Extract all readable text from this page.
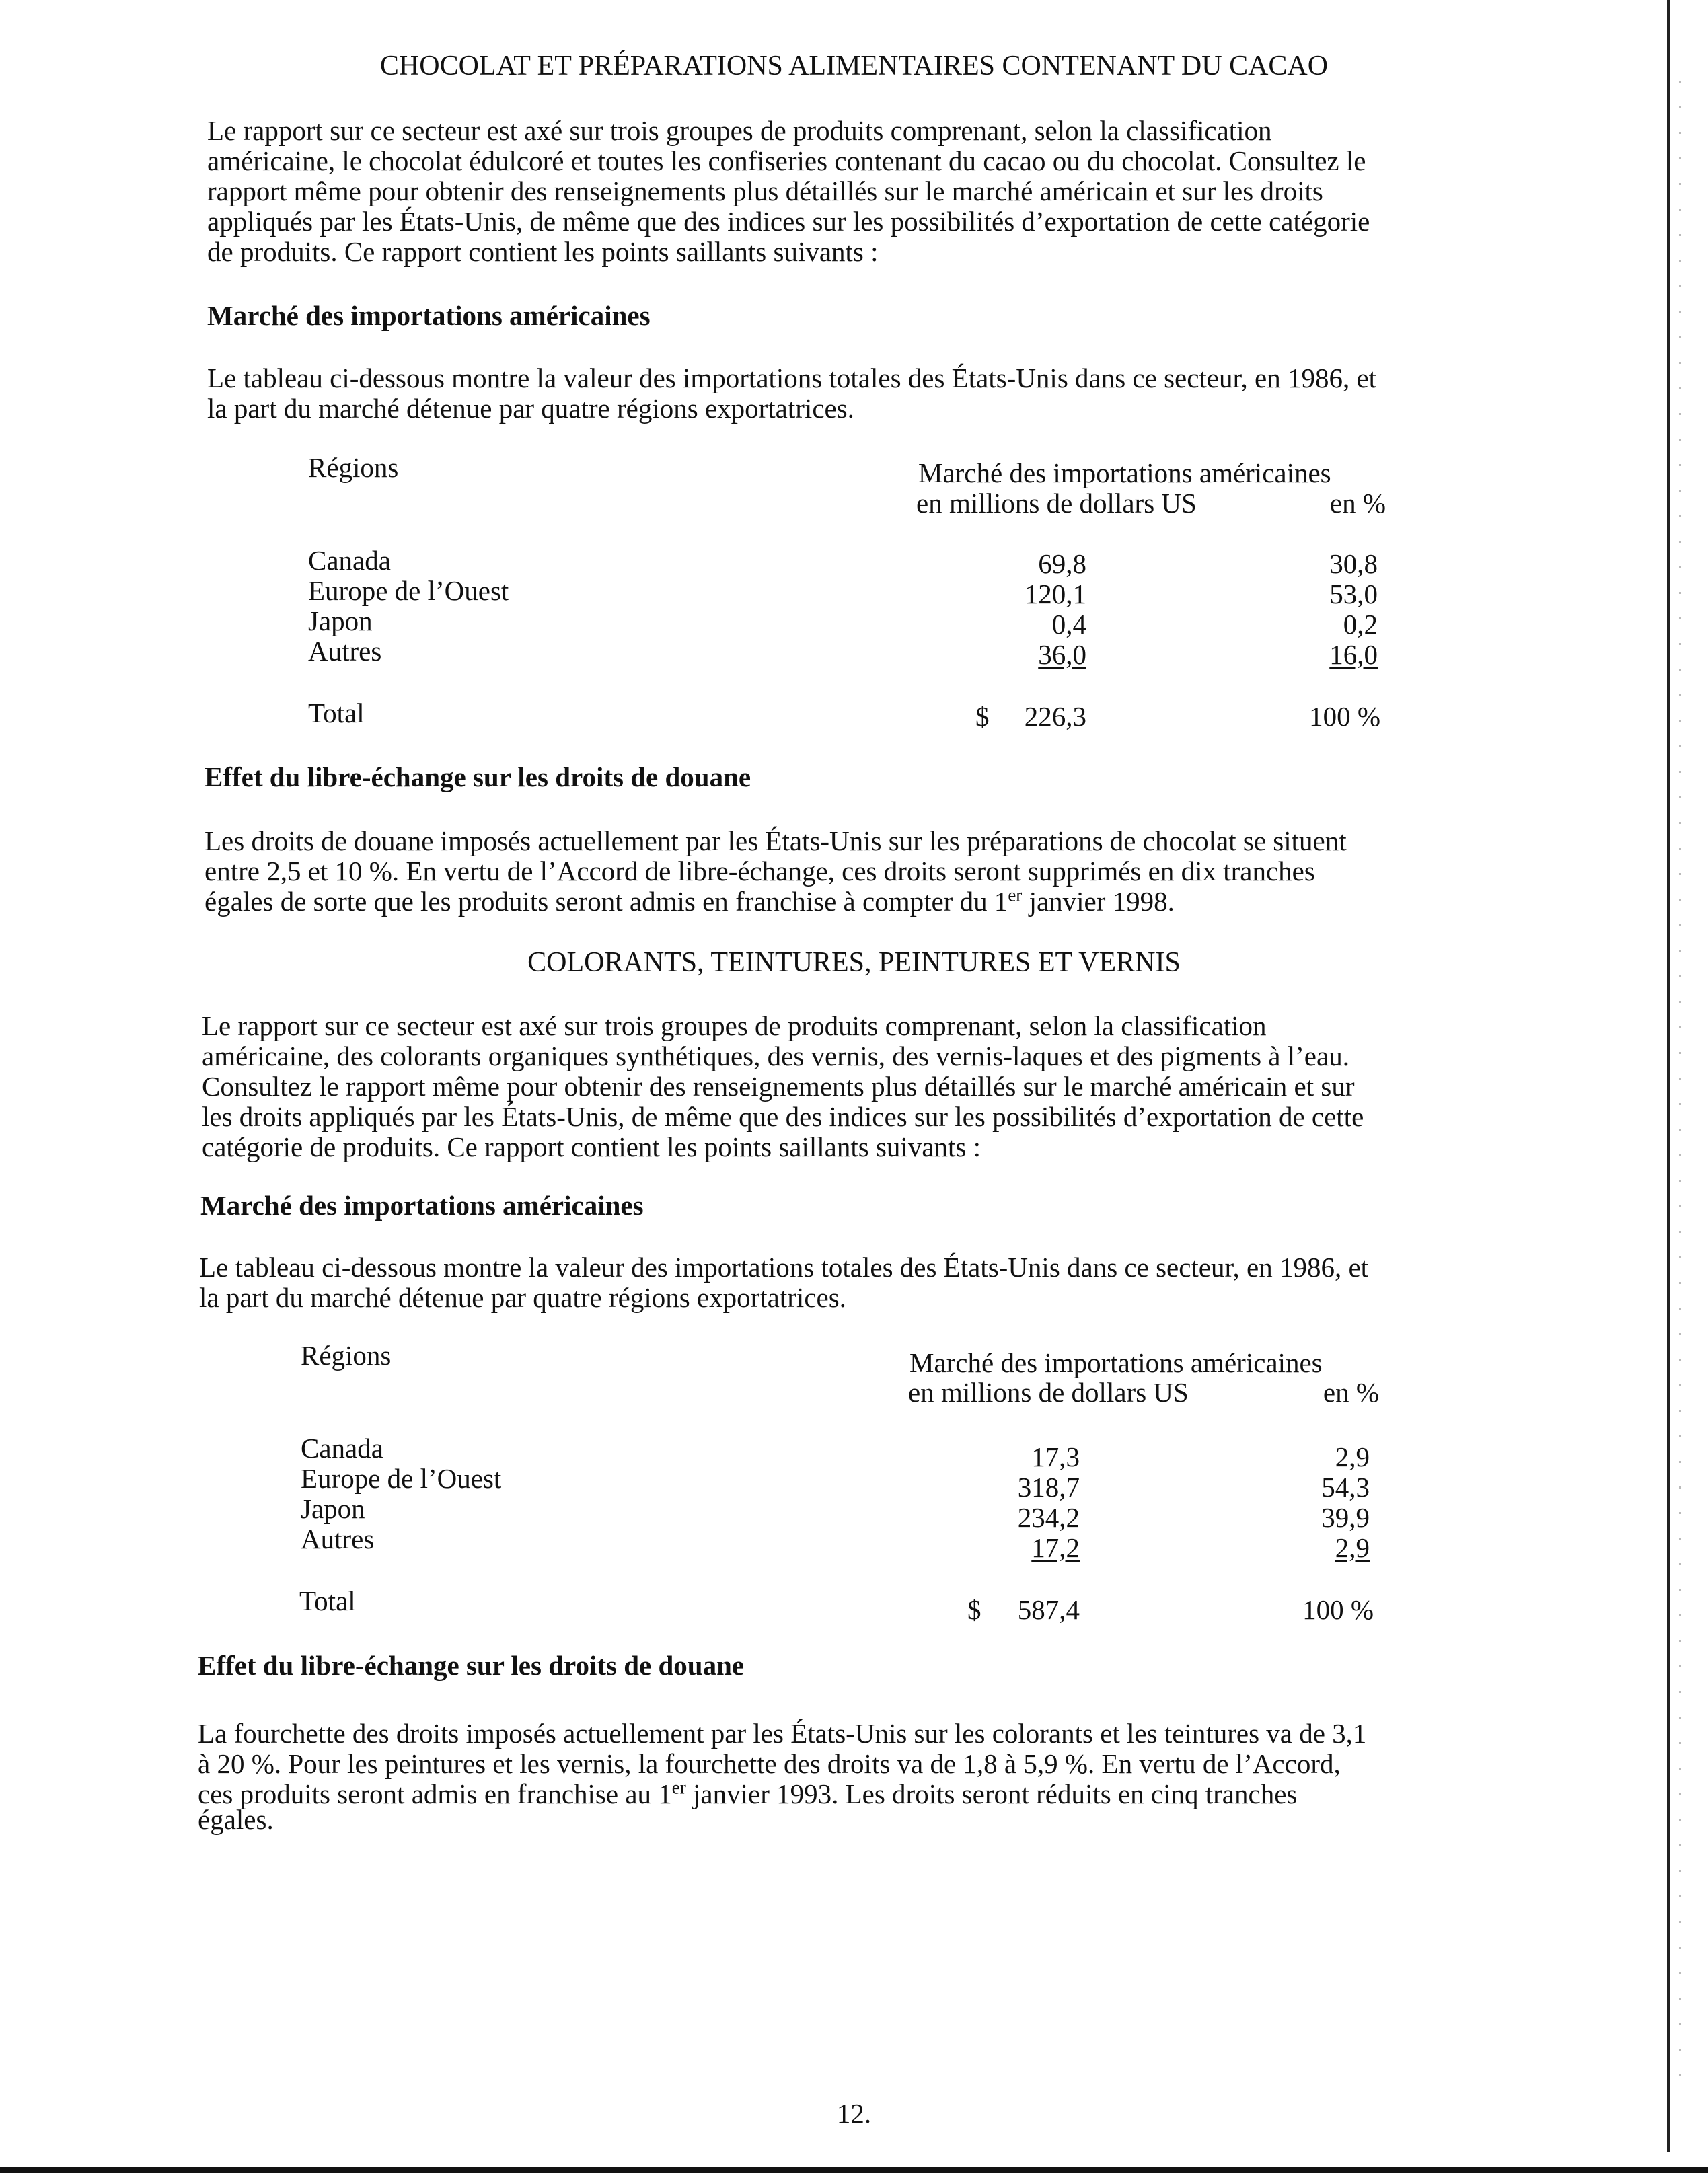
CHOCOLAT ET PRÉPARATIONS ALIMENTAIRES CONTENANT DU CACAO
Le rapport sur ce secteur est axé sur trois groupes de produits comprenant, selon la classification
américaine, le chocolat édulcoré et toutes les confiseries contenant du cacao ou du chocolat. Consultez le
rapport même pour obtenir des renseignements plus détaillés sur le marché américain et sur les droits
appliqués par les États-Unis, de même que des indices sur les possibilités d’exportation de cette catégorie
de produits. Ce rapport contient les points saillants suivants :
Marché des importations américaines
Le tableau ci-dessous montre la valeur des importations totales des États-Unis dans ce secteur, en 1986, et
la part du marché détenue par quatre régions exportatrices.
Régions	Marché des importations américaines
en millions de dollars US	en %
Canada	69,8	30,8
Europe de l’Ouest	120,1	53,0
Japon	0,4	0,2
Autres	36,0	16,0
Total	$	226,3	100 %
Effet du libre-échange sur les droits de douane
Les droits de douane imposés actuellement par les États-Unis sur les préparations de chocolat se situent
entre 2,5 et 10 %. En vertu de l’Accord de libre-échange, ces droits seront supprimés en dix tranches
égales de sorte que les produits seront admis en franchise à compter du 1er janvier 1998.
COLORANTS, TEINTURES, PEINTURES ET VERNIS
Le rapport sur ce secteur est axé sur trois groupes de produits comprenant, selon la classification
américaine, des colorants organiques synthétiques, des vernis, des vernis-laques et des pigments à l’eau.
Consultez le rapport même pour obtenir des renseignements plus détaillés sur le marché américain et sur
les droits appliqués par les États-Unis, de même que des indices sur les possibilités d’exportation de cette
catégorie de produits. Ce rapport contient les points saillants suivants :
Marché des importations américaines
Le tableau ci-dessous montre la valeur des importations totales des États-Unis dans ce secteur, en 1986, et
la part du marché détenue par quatre régions exportatrices.
Régions	Marché des importations américaines
en millions de dollars US	en %
Canada	17,3	2,9
Europe de l’Ouest	318,7	54,3
Japon	234,2	39,9
Autres	17,2	2,9
Total	$	587,4	100 %
Effet du libre-échange sur les droits de douane
La fourchette des droits imposés actuellement par les États-Unis sur les colorants et les teintures va de 3,1
à 20 %. Pour les peintures et les vernis, la fourchette des droits va de 1,8 à 5,9 %. En vertu de l’Accord,
ces produits seront admis en franchise au 1er janvier 1993. Les droits seront réduits en cinq tranches
égales.
12.
